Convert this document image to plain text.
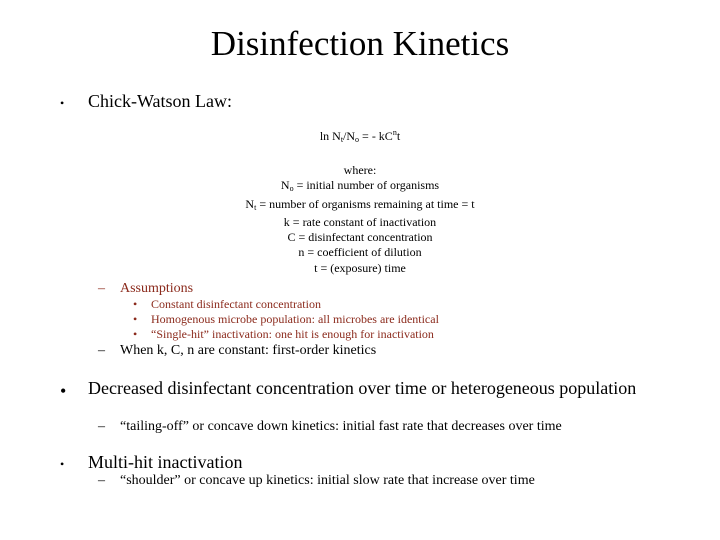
Disinfection Kinetics
• Chick-Watson Law:
$\ln N_t/N_o$ = - $kC^nt$
where:
$N_o$ = initial number of organisms
$N_t$ = number of organisms remaining at time = t
k = rate constant of inactivation
C = disinfectant concentration
n = coefficient of dilution
t = (exposure) time
– Assumptions
• Constant disinfectant concentration
• Homogenous microbe population: all microbes are identical
• “Single-hit” inactivation: one hit is enough for inactivation
– When k, C, n are constant: first-order kinetics
• Decreased disinfectant concentration over time or heterogeneous population
– “tailing-off” or concave down kinetics: initial fast rate that decreases over time
• Multi-hit inactivation
– “shoulder” or concave up kinetics: initial slow rate that increase over time
